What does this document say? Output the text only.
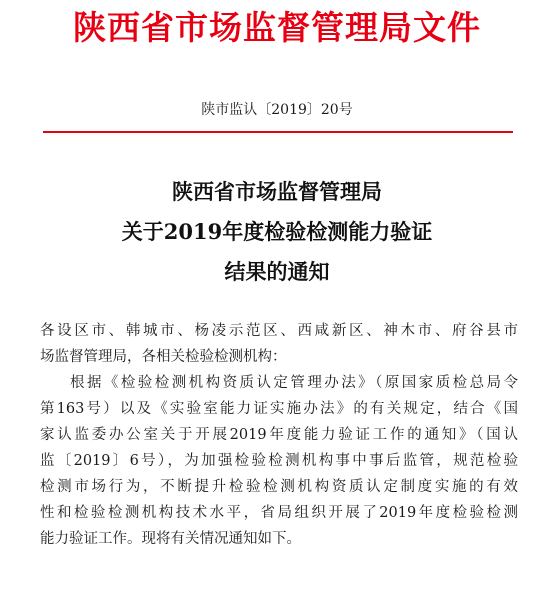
陕西省市场监督管理局文件
陕市监认〔2019〕20号
陕西省市场监督管理局
关于2019年度检验检测能力验证
结果的通知
各设区市、韩城市、杨凌示范区、西咸新区、神木市、府谷县市
场监督管理局，各相关检验检测机构：
根据《检验检测机构资质认定管理办法》（原国家质检总局令
第163号）以及《实验室能力证实施办法》的有关规定，结合《国
家认监委办公室关于开展2019年度能力验证工作的通知》（国认
监〔2019〕6号），为加强检验检测机构事中事后监管，规范检验
检测市场行为，不断提升检验检测机构资质认定制度实施的有效
性和检验检测机构技术水平，省局组织开展了2019年度检验检测
能力验证工作。现将有关情况通知如下。
